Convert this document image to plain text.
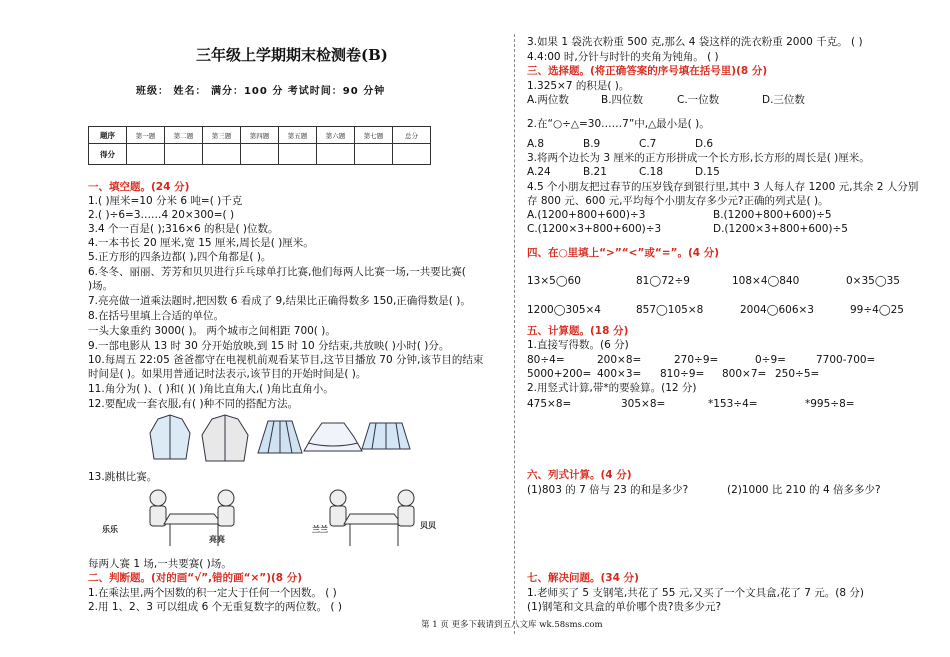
三年级上学期期末检测卷(B)
班级： 姓名： 满分：100 分 考试时间：90 分钟
题序	第一题	第二题	第三题	第四题	第五题	第六题	第七题	总分
得分								
一、填空题。(24 分)
1.( )厘米=10 分米 6 吨=( )千克
2.( )÷6=3……4 20×300=( )
3.4 个一百是( );316×6 的积是( )位数。
4.一本书长 20 厘米,宽 15 厘米,周长是( )厘米。
5.正方形的四条边都( ),四个角都是( )。
6.冬冬、丽丽、芳芳和贝贝进行乒乓球单打比赛,他们每两人比赛一场,一共要比赛(
)场。
7.亮亮做一道乘法题时,把因数 6 看成了 9,结果比正确得数多 150,正确得数是( )。
8.在括号里填上合适的单位。
一头大象重约 3000( )。 两个城市之间相距 700( )。
9.一部电影从 13 时 30 分开始放映,到 15 时 10 分结束,共放映( )小时( )分。
10.每周五 22:05 爸爸都守在电视机前观看某节目,这节目播放 70 分钟,该节目的结束
时间是( )。如果用普通记时法表示,该节目的开始时间是( )。
11.角分为( )、( )和( )( )角比直角大,( )角比直角小。
12.要配成一套衣服,有( )种不同的搭配方法。
13.跳棋比赛。
乐乐
亮亮
兰兰	贝贝
每两人赛 1 场,一共要赛( )场。
二、判断题。(对的画“√”,错的画“×”)(8 分)
1.在乘法里,两个因数的积一定大于任何一个因数。 ( )
2.用 1、2、3 可以组成 6 个无重复数字的两位数。 ( )
3.如果 1 袋洗衣粉重 500 克,那么 4 袋这样的洗衣粉重 2000 千克。 ( )
4.4:00 时,分针与时针的夹角为钝角。 ( )
三、选择题。(将正确答案的序号填在括号里)(8 分)
1.325×7 的积是( )。
A.两位数	B.四位数	C.一位数	D.三位数
2.在“○÷△=30……7”中,△最小是( )。
A.8	B.9	C.7	D.6
3.将两个边长为 3 厘米的正方形拼成一个长方形,长方形的周长是( )厘米。
A.24	B.21	C.18	D.15
4.5 个小朋友把过春节的压岁钱存到银行里,其中 3 人每人存 1200 元,其余 2 人分别
存 800 元、600 元,平均每个小朋友存多少元?正确的列式是( )。
A.(1200+800+600)÷3	B.(1200+800+600)÷5
C.(1200×3+800+600)÷3	D.(1200×3+800+600)÷5
四、在○里填上“>”“<”或“=”。(4 分)
13×5◯60	81◯72÷9	108×4◯840	0×35◯35
1200◯305×4	857◯105×8	2004◯606×3	99÷4◯25
五、计算题。(18 分)
1.直接写得数。(6 分)
80÷4=	200×8=	270÷9=	0÷9=	7700-700=
5000+200= 400×3= 810÷9= 800×7= 250÷5=
2.用竖式计算,带*的要验算。(12 分)
475×8=	305×8=	*153÷4=	*995÷8=
六、列式计算。(4 分)
(1)803 的 7 倍与 23 的和是多少?	(2)1000 比 210 的 4 倍多多少?
七、解决问题。(34 分)
1.老师买了 5 支钢笔,共花了 55 元,又买了一个文具盒,花了 7 元。(8 分)
(1)钢笔和文具盒的单价哪个贵?贵多少元?
第 1 页 更多下载请到五八文库 wk.58sms.com
